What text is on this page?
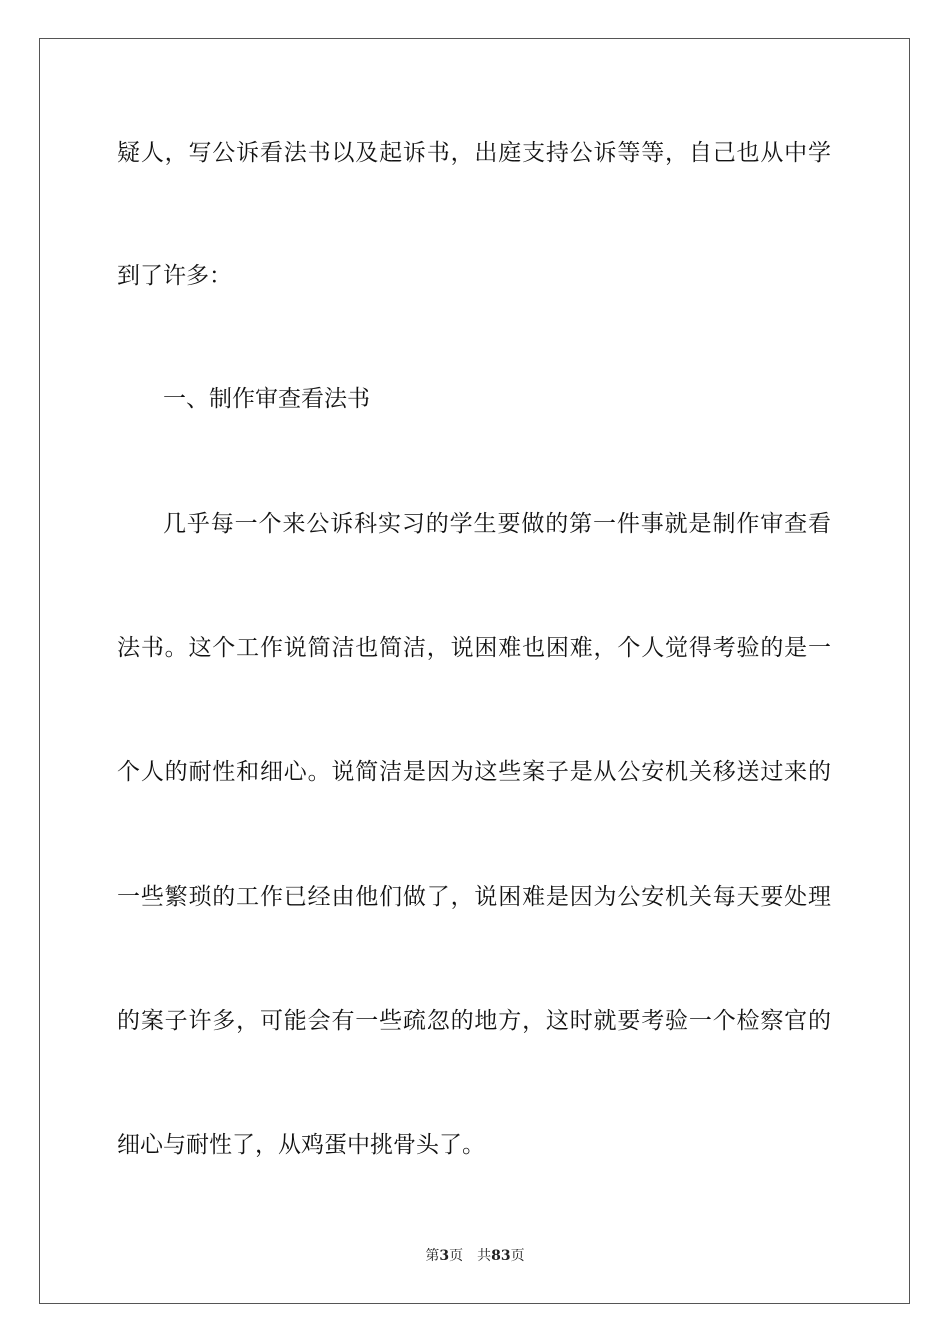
疑人，写公诉看法书以及起诉书，出庭支持公诉等等，自己也从中学
到了许多：
一、制作审查看法书
几乎每一个来公诉科实习的学生要做的第一件事就是制作审查看
法书。这个工作说简洁也简洁，说困难也困难，个人觉得考验的是一
个人的耐性和细心。说简洁是因为这些案子是从公安机关移送过来的
一些繁琐的工作已经由他们做了，说困难是因为公安机关每天要处理
的案子许多，可能会有一些疏忽的地方，这时就要考验一个检察官的
细心与耐性了，从鸡蛋中挑骨头了。
第3页 共83页
